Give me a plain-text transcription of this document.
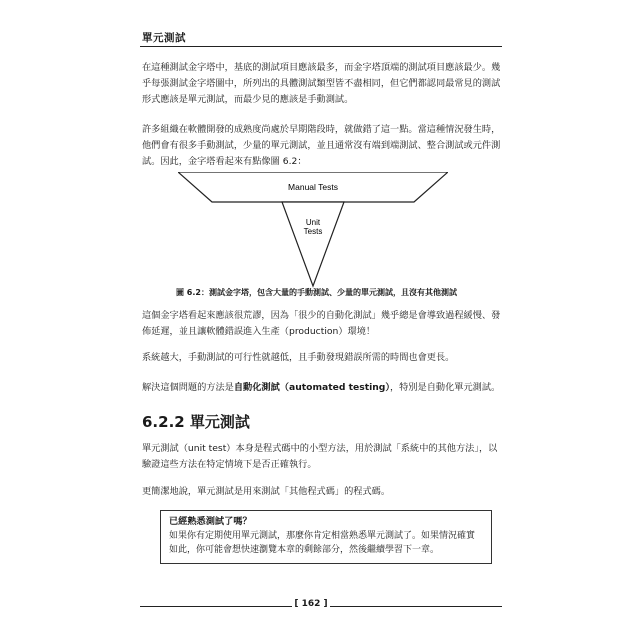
單元測試

在這種測試金字塔中，基底的測試項目應該最多，而金字塔頂端的測試項目應該最少。幾乎每張測試金字塔圖中，所列出的具體測試類型皆不盡相同，但它們都認同最常見的測試形式應該是單元測試，而最少見的應該是手動測試。

許多組織在軟體開發的成熟度尚處於早期階段時，就做錯了這一點。當這種情況發生時，他們會有很多手動測試，少量的單元測試，並且通常沒有端到端測試、整合測試或元件測試。因此，金字塔看起來有點像圖 6.2：

Manual Tests
Unit
Tests
圖 6.2：測試金字塔，包含大量的手動測試、少量的單元測試，且沒有其他測試

這個金字塔看起來應該很荒謬，因為「很少的自動化測試」幾乎總是會導致過程緩慢、發佈延遲，並且讓軟體錯誤進入生產（production）環境！

系統越大，手動測試的可行性就越低，且手動發現錯誤所需的時間也會更長。

解決這個問題的方法是自動化測試（automated testing），特別是自動化單元測試。

6.2.2 單元測試

單元測試（unit test）本身是程式碼中的小型方法，用於測試「系統中的其他方法」，以驗證這些方法在特定情境下是否正確執行。

更簡潔地說，單元測試是用來測試「其他程式碼」的程式碼。

已經熟悉測試了嗎？

如果你有定期使用單元測試，那麼你肯定相當熟悉單元測試了。如果情況確實如此，你可能會想快速瀏覽本章的剩餘部分，然後繼續學習下一章。

[ 162 ]
